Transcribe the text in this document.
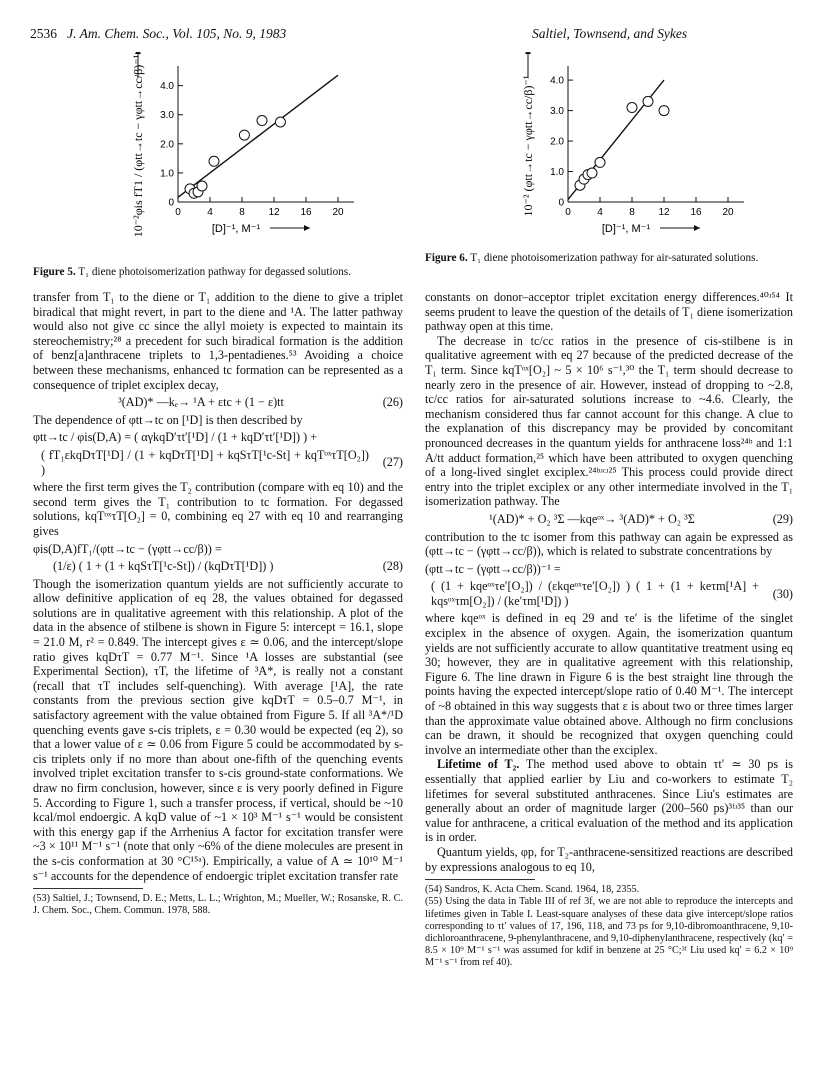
2536 J. Am. Chem. Soc., Vol. 105, No. 9, 1983	Saltiel, Townsend, and Sykes
0	4	8 12 16 20
0
1.0
2.0
3.0
4.0
[D]⁻¹, M⁻¹
10⁻²φis fT1 / (φtt→tc − γφtt→cc/β)⁻¹	0	4	8 12 16 20
0
1.0
2.0
3.0
4.0
[D]⁻¹, M⁻¹
10⁻² (φtt→tc − γφtt→cc/β)⁻¹
Figure 5. T₁ diene photoisomerization pathway for degassed solutions.
Figure 6. T₁ diene photoisomerization pathway for air-saturated solutions.

transfer from T₁ to the diene or T₁ addition to the diene to give a triplet biradical that might revert, in part to the diene and ¹A. The latter pathway would also not give cc since the allyl moiety is expected to maintain its stereochemistry;²⁸ a precedent for such biradical formation is the addition of benz[a]anthracene triplets to 1,3-pentadienes.⁵³ Avoiding a choice between these mechanisms, enhanced tc formation can be represented as a consequence of triplet exciplex decay,

³(AD)* —kₑ→ ¹A + εtc + (1 − ε)tt	(26)

The dependence of φtt→tc on [¹D] is then described by

φtt→tc / φis(D,A) = ( αγkqD′τt′[¹D] / (1 + kqD′τt′[¹D]) ) +
( fT₁εkqDτT[¹D] / (1 + kqDτT[¹D] + kqSτT[¹c-St] + kqTᵒˣτT[O₂]) )
(27)

where the first term gives the T₂ contribution (compare with eq 10) and the second term gives the T₁ contribution to tc formation. For degassed solutions, kqTᵒˣτT[O₂] = 0, combining eq 27 with eq 10 and rearranging gives

φis(D,A)fT₁/(φtt→tc − (γφtt→cc/β)) =
(1/ε) ( 1 + (1 + kqSτT[¹c-St]) / (kqDτT[¹D]) )	(28)

Though the isomerization quantum yields are not sufficiently accurate to allow definitive application of eq 28, the values obtained for degassed solutions are in qualitative agreement with this relationship. A plot of the data in the absence of stilbene is shown in Figure 5: intercept = 16.1, slope = 21.0 M, r² = 0.849. The intercept gives ε ≃ 0.06, and the intercept/slope ratio gives kqDτT = 0.77 M⁻¹. Since ¹A losses are substantial (see Experimental Section), τT, the lifetime of ³A*, is really not a constant (recall that τT includes self-quenching). With average [¹A], the rate constants from the previous section give kqDτT = 0.5–0.7 M⁻¹, in satisfactory agreement with the value obtained from Figure 5. If all ³A*/¹D quenching events gave s-cis triplets, ε = 0.30 would be expected (eq 2), so that a lower value of ε ≃ 0.06 from Figure 5 could be accommodated by s-cis triplets only if no more than about one-fifth of the quenching events involved triplet excitation transfer to s-cis ground-state conformations. We draw no firm conclusion, however, since ε is very poorly defined in Figure 5. According to Figure 1, such a transfer process, if vertical, should be ~10 kcal/mol endoergic. A kqD value of ~1 × 10³ M⁻¹ s⁻¹ would be consistent with this energy gap if the Arrhenius A factor for excitation transfer were ~3 × 10¹¹ M⁻¹ s⁻¹ (note that only ~6% of the diene molecules are present in the s-cis conformation at 30 °C¹⁵ᵃ). Empirically, a value of A ≃ 10¹⁰ M⁻¹ s⁻¹ accounts for the dependence of endoergic triplet excitation transfer rate

(53) Saltiel, J.; Townsend, D. E.; Metts, L. L.; Wrighton, M.; Mueller, W.; Rosanske, R. C. J. Chem. Soc., Chem. Commun. 1978, 588.

constants on donor–acceptor triplet excitation energy differences.⁴⁰ʴ⁵⁴ It seems prudent to leave the question of the details of T₁ diene isomerization pathway open at this time.

The decrease in tc/cc ratios in the presence of cis-stilbene is in qualitative agreement with eq 27 because of the predicted decrease of the T₁ term. Since kqTᵒˣ[O₂] ~ 5 × 10⁶ s⁻¹,³⁰ the T₁ term should decrease to nearly zero in the presence of air. However, instead of dropping to ~2.8, tc/cc ratios for air-saturated solutions increase to ~4.6. Clearly, the mechanism considered thus far cannot account for this change. A clue to the explanation of this discrepancy may be provided by concomitant pronounced decreases in the quantum yields for anthracene loss²⁴ᵇ and 1:1 A/tt adduct formation,²⁵ which have been attributed to oxygen quenching of a long-lived singlet exciplex.²⁴ᵇʴᶜʴ²⁵ This process could provide direct entry into the triplet exciplex or any other intermediate involved in the T₁ isomerization pathway. The

¹(AD)* + O₂ ³Σ —kqeᵒˣ→ ³(AD)* + O₂ ³Σ	(29)

contribution to the tc isomer from this pathway can again be expressed as (φtt→tc − (γφtt→cc/β)), which is related to substrate concentrations by

(φtt→tc − (γφtt→cc/β))⁻¹ =
( (1 + kqeᵒˣτe′[O₂]) / (εkqeᵒˣτe′[O₂]) ) ( 1 + (1 + keτm[¹A] + kqsᵒˣτm[O₂]) / (ke′τm[¹D]) )
(30)

where kqeᵒˣ is defined in eq 29 and τe′ is the lifetime of the singlet exciplex in the absence of oxygen. Again, the isomerization quantum yields are not sufficiently accurate to allow quantitative treatment using eq 30; however, they are in qualitative agreement with this relationship, Figure 6. The line drawn in Figure 6 is the best straight line through the points having the expected intercept/slope ratio of 0.40 M⁻¹. The intercept of ~8 obtained in this way suggests that ε is about two or three times larger than the approximate value obtained above. Although no firm conclusions can be drawn, it should be recognized that oxygen quenching could involve an intermediate other than the exciplex.

Lifetime of T₂. The method used above to obtain τt′ ≃ 30 ps is essentially that applied earlier by Liu and co-workers to estimate T₂ lifetimes for several substituted anthracenes. Since Liu's estimates are generally about an order of magnitude larger (200–560 ps)³ᶠʴ³⁵ than our value for anthracene, a critical evaluation of the method and its application is in order.

Quantum yields, φp, for T₂-anthracene-sensitized reactions are described by expressions analogous to eq 10,

(54) Sandros, K. Acta Chem. Scand. 1964, 18, 2355.

(55) Using the data in Table III of ref 3f, we are not able to reproduce the intercepts and lifetimes given in Table I. Least-square analyses of these data give intercept/slope ratios corresponding to τt′ values of 17, 196, 118, and 73 ps for 9,10-dibromoanthracene, 9,10-dichloroanthracene, 9-phenylanthracene, and 9,10-diphenylanthracene, respectively (kq′ = 8.5 × 10⁹ M⁻¹ s⁻¹ was assumed for kdif in benzene at 25 °C;³ᶠ Liu used kq′ = 6.2 × 10⁹ M⁻¹ s⁻¹ from ref 40).
